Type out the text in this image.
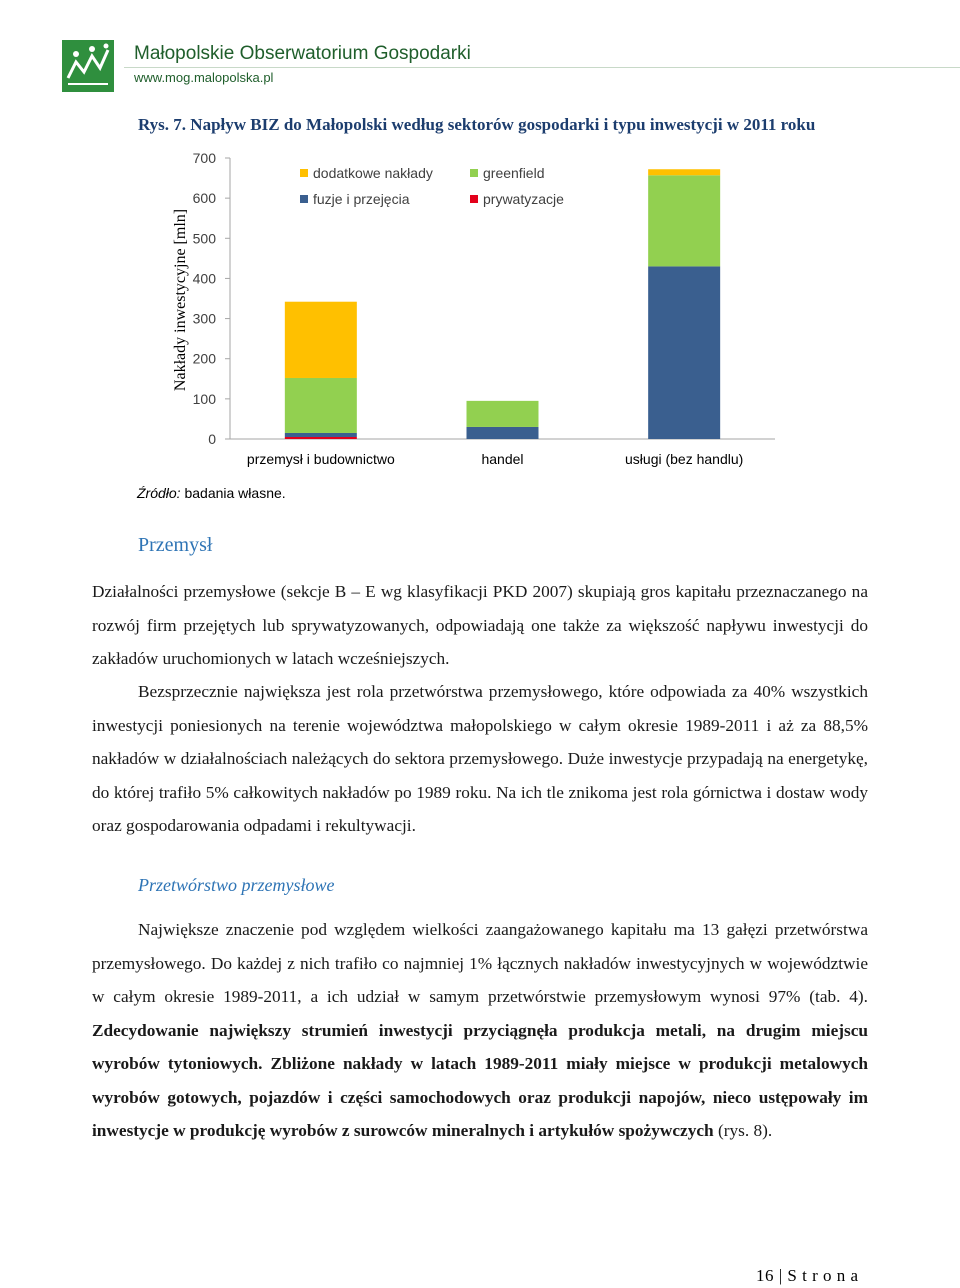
Małopolskie Obserwatorium Gospodarki
www.mog.malopolska.pl
Rys. 7. Napływ BIZ do Małopolski według sektorów gospodarki i typu inwestycji w 2011 roku
0
100
200
300
400
500
600
700
Nakłady inwestycyjne [mln]
przemysł i budownictwo	handel	usługi (bez handlu)
dodatkowe nakłady	greenfield
fuzje i przejęcia	prywatyzacje
Źródło: badania własne.
Przemysł
Działalności przemysłowe (sekcje B – E wg klasyfikacji PKD 2007) skupiają gros kapitału przeznaczanego na rozwój firm przejętych lub sprywatyzowanych, odpowiadają one także za większość napływu inwestycji do zakładów uruchomionych w latach wcześniejszych.
Bezsprzecznie największa jest rola przetwórstwa przemysłowego, które odpowiada za 40% wszystkich inwestycji poniesionych na terenie województwa małopolskiego w całym okresie 1989-2011 i aż za 88,5% nakładów w działalnościach należących do sektora przemysłowego. Duże inwestycje przypadają na energetykę, do której trafiło 5% całkowitych nakładów po 1989 roku. Na ich tle znikoma jest rola górnictwa i dostaw wody oraz gospodarowania odpadami i rekultywacji.
Przetwórstwo przemysłowe
Największe znaczenie pod względem wielkości zaangażowanego kapitału ma 13 gałęzi przetwórstwa przemysłowego. Do każdej z nich trafiło co najmniej 1% łącznych nakładów inwestycyjnych w województwie w całym okresie 1989-2011, a ich udział w samym przetwórstwie przemysłowym wynosi 97% (tab. 4). Zdecydowanie największy strumień inwestycji przyciągnęła produkcja metali, na drugim miejscu wyrobów tytoniowych. Zbliżone nakłady w latach 1989-2011 miały miejsce w produkcji metalowych wyrobów gotowych, pojazdów i części samochodowych oraz produkcji napojów, nieco ustępowały im inwestycje w produkcję wyrobów z surowców mineralnych i artykułów spożywczych (rys. 8).
16 | S t r o n a
